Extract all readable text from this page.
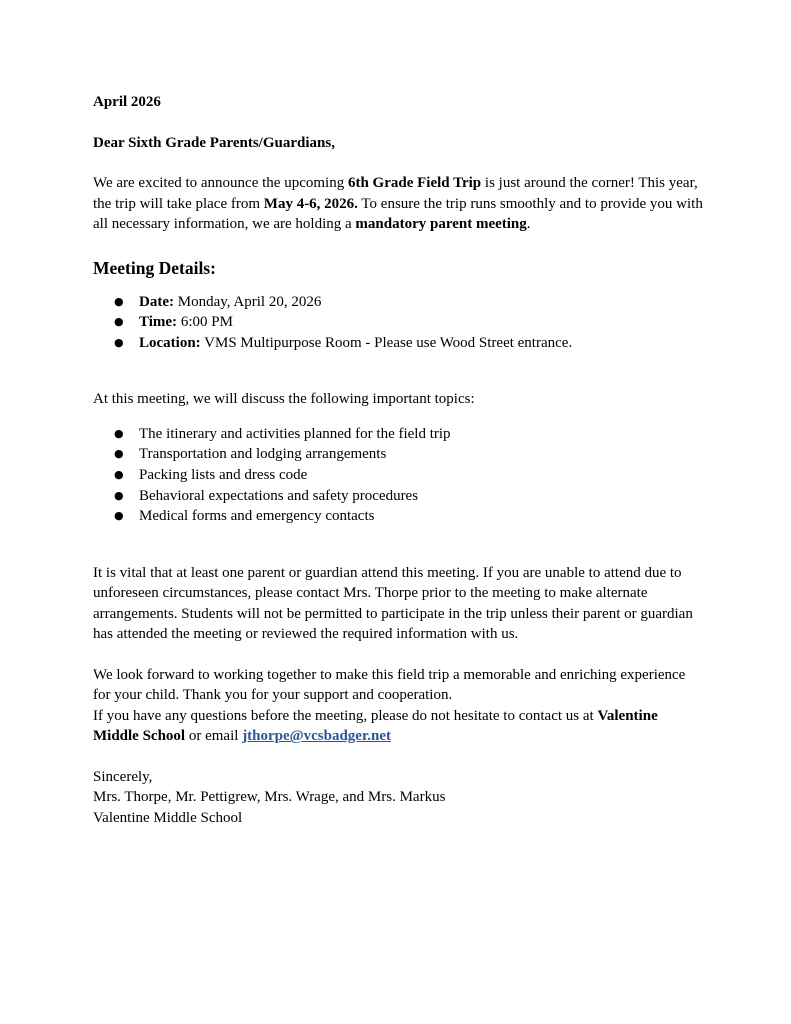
April 2026

Dear Sixth Grade Parents/Guardians,

We are excited to announce the upcoming 6th Grade Field Trip is just around the corner! This year, the trip will take place from May 4-6, 2026. To ensure the trip runs smoothly and to provide you with all necessary information, we are holding a mandatory parent meeting.

Meeting Details:
● Date: Monday, April 20, 2026
● Time: 6:00 PM
● Location: VMS Multipurpose Room - Please use Wood Street entrance.

At this meeting, we will discuss the following important topics:

● The itinerary and activities planned for the field trip
● Transportation and lodging arrangements
● Packing lists and dress code
● Behavioral expectations and safety procedures
● Medical forms and emergency contacts

It is vital that at least one parent or guardian attend this meeting. If you are unable to attend due to unforeseen circumstances, please contact Mrs. Thorpe prior to the meeting to make alternate arrangements. Students will not be permitted to participate in the trip unless their parent or guardian has attended the meeting or reviewed the required information with us.

We look forward to working together to make this field trip a memorable and enriching experience for your child. Thank you for your support and cooperation.

If you have any questions before the meeting, please do not hesitate to contact us at Valentine Middle School or email jthorpe@vcsbadger.net

Sincerely,

Mrs. Thorpe, Mr. Pettigrew, Mrs. Wrage, and Mrs. Markus

Valentine Middle School
